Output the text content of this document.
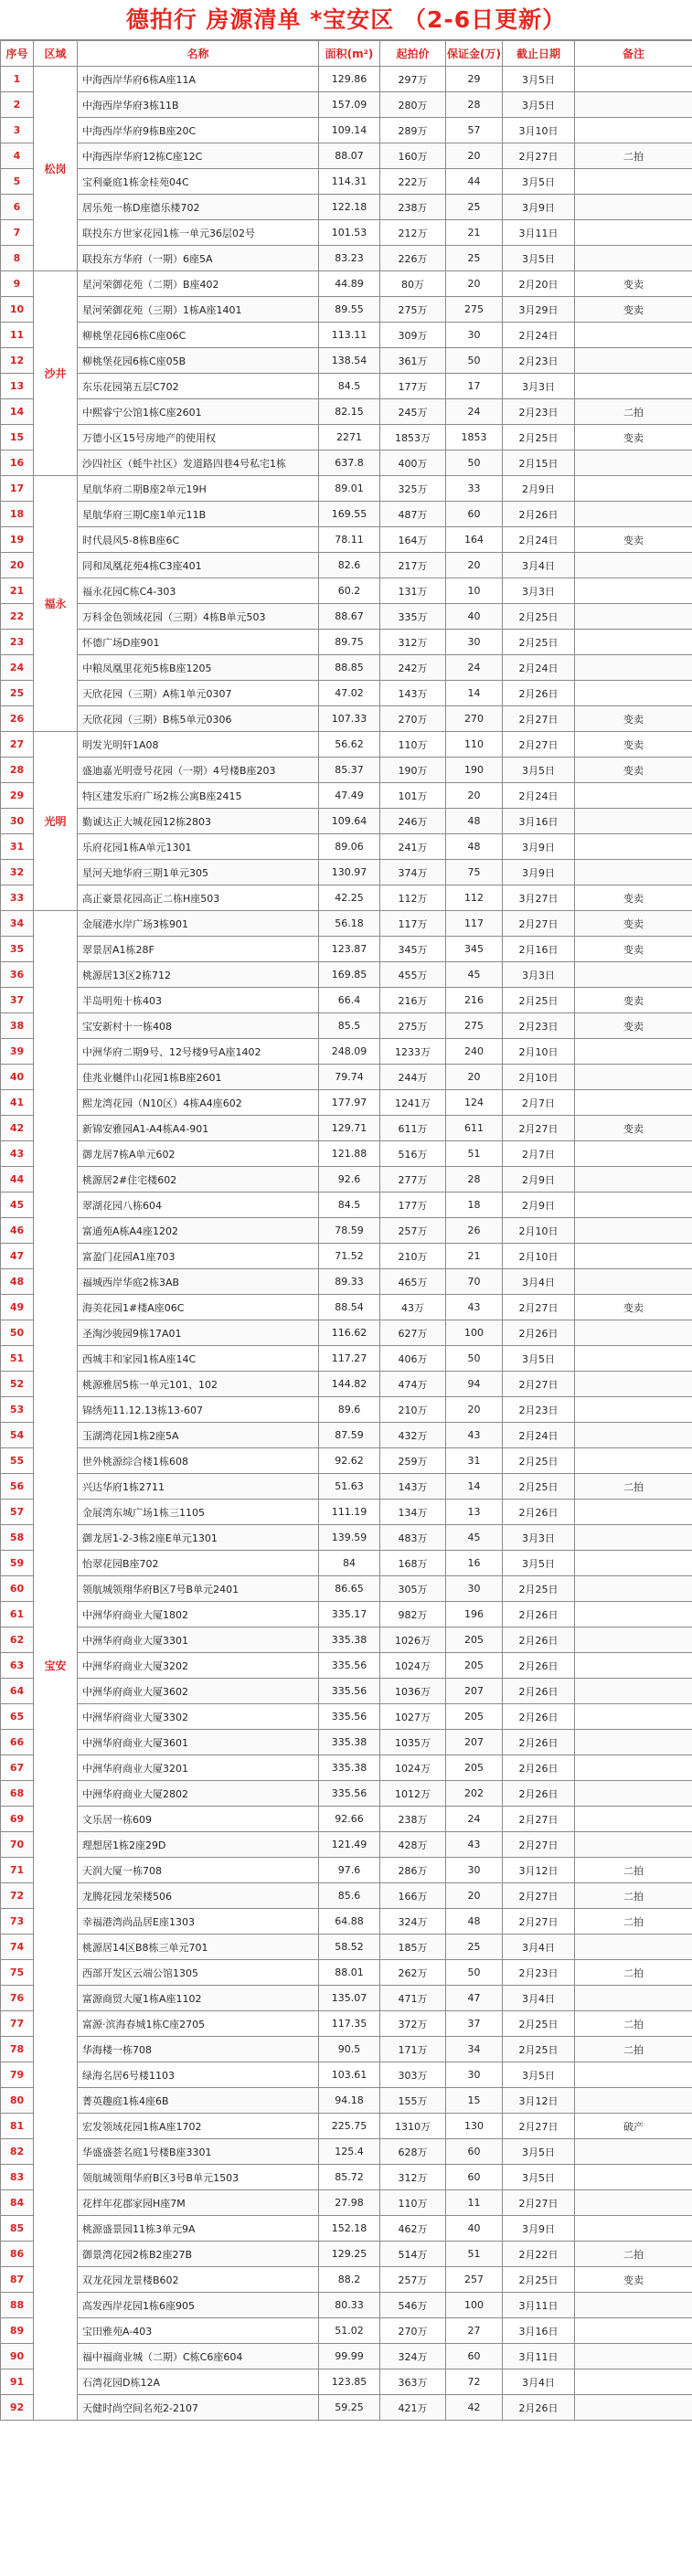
德拍行 房源清单 *宝安区 （2-6日更新）
序号	区域	名称	面积(m²)	起拍价	保证金(万)	截止日期	备注
1	松岗	中海西岸华府6栋A座11A	129.86	297万	29	3月5日	
2		中海西岸华府3栋11B	157.09	280万	28	3月5日	
3		中海西岸华府9栋B座20C	109.14	289万	57	3月10日	
4		中海西岸华府12栋C座12C	88.07	160万	20	2月27日	二拍
5		宝利豪庭1栋金桂苑04C	114.31	222万	44	3月5日	
6		居乐苑一栋D座德乐楼702	122.18	238万	25	3月9日	
7		联投东方世家花园1栋一单元36层02号	101.53	212万	21	3月11日	
8		联投东方华府（一期）6座5A	83.23	226万	25	3月5日	
9	沙井	星河荣御花苑（二期）B座402	44.89	80万	20	2月20日	变卖
10		星河荣御花苑（三期）1栋A座1401	89.55	275万	275	3月29日	变卖
11		柳桃堡花园6栋C座06C	113.11	309万	30	2月24日	
12		柳桃堡花园6栋C座05B	138.54	361万	50	2月23日	
13		东乐花园第五层C702	84.5	177万	17	3月3日	
14		中熙睿宁公馆1栋C座2601	82.15	245万	24	2月23日	二拍
15		万德小区15号房地产的使用权	2271	1853万	1853	2月25日	变卖
16		沙四社区（蚝牛社区）发道路四巷4号私宅1栋	637.8	400万	50	2月15日	
17	福永	星航华府二期B座2单元19H	89.01	325万	33	2月9日	
18		星航华府三期C座1单元11B	169.55	487万	60	2月26日	
19		时代晨风5-8栋B座6C	78.11	164万	164	2月24日	变卖
20		同和凤凰花苑4栋C3座401	82.6	217万	20	3月4日	
21		福永花园C栋C4-303	60.2	131万	10	3月3日	
22		万科金色领域花园（三期）4栋B单元503	88.67	335万	40	2月25日	
23		怀德广场D座901	89.75	312万	30	2月25日	
24		中粮凤凰里花苑5栋B座1205	88.85	242万	24	2月24日	
25		天欣花园（三期）A栋1单元0307	47.02	143万	14	2月26日	
26		天欣花园（三期）B栋5单元0306	107.33	270万	270	2月27日	变卖
27	光明	明发光明轩1A08	56.62	110万	110	2月27日	变卖
28		盛迪嘉光明壹号花园（一期）4号楼B座203	85.37	190万	190	3月5日	变卖
29		特区建发乐府广场2栋公寓B座2415	47.49	101万	20	2月24日	
30		勤诚达正大城花园12栋2803	109.64	246万	48	3月16日	
31		乐府花园1栋A单元1301	89.06	241万	48	3月9日	
32		星河天地华府三期1单元305	130.97	374万	75	3月9日	
33		高正豪景花园高正二栋H座503	42.25	112万	112	3月27日	变卖
34	宝安	金展港水岸广场3栋901	56.18	117万	117	2月27日	变卖
35		翠景居A1栋28F	123.87	345万	345	2月16日	变卖
36		桃源居13区2栋712	169.85	455万	45	3月3日	
37		半岛明苑十栋403	66.4	216万	216	2月25日	变卖
38		宝安新村十一栋408	85.5	275万	275	2月23日	变卖
39		中洲华府二期9号、12号楼9号A座1402	248.09	1233万	240	2月10日	
40		佳兆业樾伴山花园1栋B座2601	79.74	244万	20	2月10日	
41		熙龙湾花园（N10区）4栋A4座602	177.97	1241万	124	2月7日	
42		新锦安雅园A1-A4栋A4-901	129.71	611万	611	2月27日	变卖
43		御龙居7栋A单元602	121.88	516万	51	2月7日	
44		桃源居2#住宅楼602	92.6	277万	28	2月9日	
45		翠湖花园八栋604	84.5	177万	18	2月9日	
46		富通苑A栋A4座1202	78.59	257万	26	2月10日	
47		富盈门花园A1座703	71.52	210万	21	2月10日	
48		福城西岸华庭2栋3AB	89.33	465万	70	3月4日	
49		海美花园1#楼A座06C	88.54	43万	43	2月27日	变卖
50		圣淘沙骏园9栋17A01	116.62	627万	100	2月26日	
51		西城丰和家园1栋A座14C	117.27	406万	50	3月5日	
52		桃源雅居5栋一单元101、102	144.82	474万	94	2月27日	
53		锦绣苑11.12.13栋13-607	89.6	210万	20	2月23日	
54		玉湖湾花园1栋2座5A	87.59	432万	43	2月24日	
55		世外桃源综合楼1栋608	92.62	259万	31	2月25日	
56		兴达华府1栋2711	51.63	143万	14	2月25日	二拍
57		金展湾东城广场1栋三1105	111.19	134万	13	2月26日	
58		御龙居1-2-3栋2座E单元1301	139.59	483万	45	3月3日	
59		怡翠花园B座702	84	168万	16	3月5日	
60		领航城领翔华府B区7号B单元2401	86.65	305万	30	2月25日	
61		中洲华府商业大厦1802	335.17	982万	196	2月26日	
62		中洲华府商业大厦3301	335.38	1026万	205	2月26日	
63		中洲华府商业大厦3202	335.56	1024万	205	2月26日	
64		中洲华府商业大厦3602	335.56	1036万	207	2月26日	
65		中洲华府商业大厦3302	335.56	1027万	205	2月26日	
66		中洲华府商业大厦3601	335.38	1035万	207	2月26日	
67		中洲华府商业大厦3201	335.38	1024万	205	2月26日	
68		中洲华府商业大厦2802	335.56	1012万	202	2月26日	
69		文乐居一栋609	92.66	238万	24	2月27日	
70		理想居1栋2座29D	121.49	428万	43	2月27日	
71		天润大厦一栋708	97.6	286万	30	3月12日	二拍
72		龙腾花园龙荣楼506	85.6	166万	20	2月27日	二拍
73		幸福港湾尚品居E座1303	64.88	324万	48	2月27日	二拍
74		桃源居14区B8栋三单元701	58.52	185万	25	3月4日	
75		西部开发区云端公馆1305	88.01	262万	50	2月23日	二拍
76		富源商贸大厦1栋A座1102	135.07	471万	47	3月4日	
77		富源·滨海春城1栋C座2705	117.35	372万	37	2月25日	二拍
78		华海楼一栋708	90.5	171万	34	2月25日	二拍
79		绿海名居6号楼1103	103.61	303万	30	3月5日	
80		菁英趣庭1栋4座6B	94.18	155万	15	3月12日	
81		宏发领域花园1栋A座1702	225.75	1310万	130	2月27日	破产
82		华盛盛荟名庭1号楼B座3301	125.4	628万	60	3月5日	
83		领航城领翔华府B区3号B单元1503	85.72	312万	60	3月5日	
84		花样年花郡家园H座7M	27.98	110万	11	2月27日	
85		桃源盛景园11栋3单元9A	152.18	462万	40	3月9日	
86		御景湾花园2栋B2座27B	129.25	514万	51	2月22日	二拍
87		双龙花园龙景楼B602	88.2	257万	257	2月25日	变卖
88		高发西岸花园1栋6座905	80.33	546万	100	3月11日	
89		宝田雅苑A-403	51.02	270万	27	3月16日	
90		福中福商业城（二期）C栋C6座604	99.99	324万	60	3月11日	
91		石湾花园D栋12A	123.85	363万	72	3月4日	
92		天健时尚空间名苑2-2107	59.25	421万	42	2月26日	
